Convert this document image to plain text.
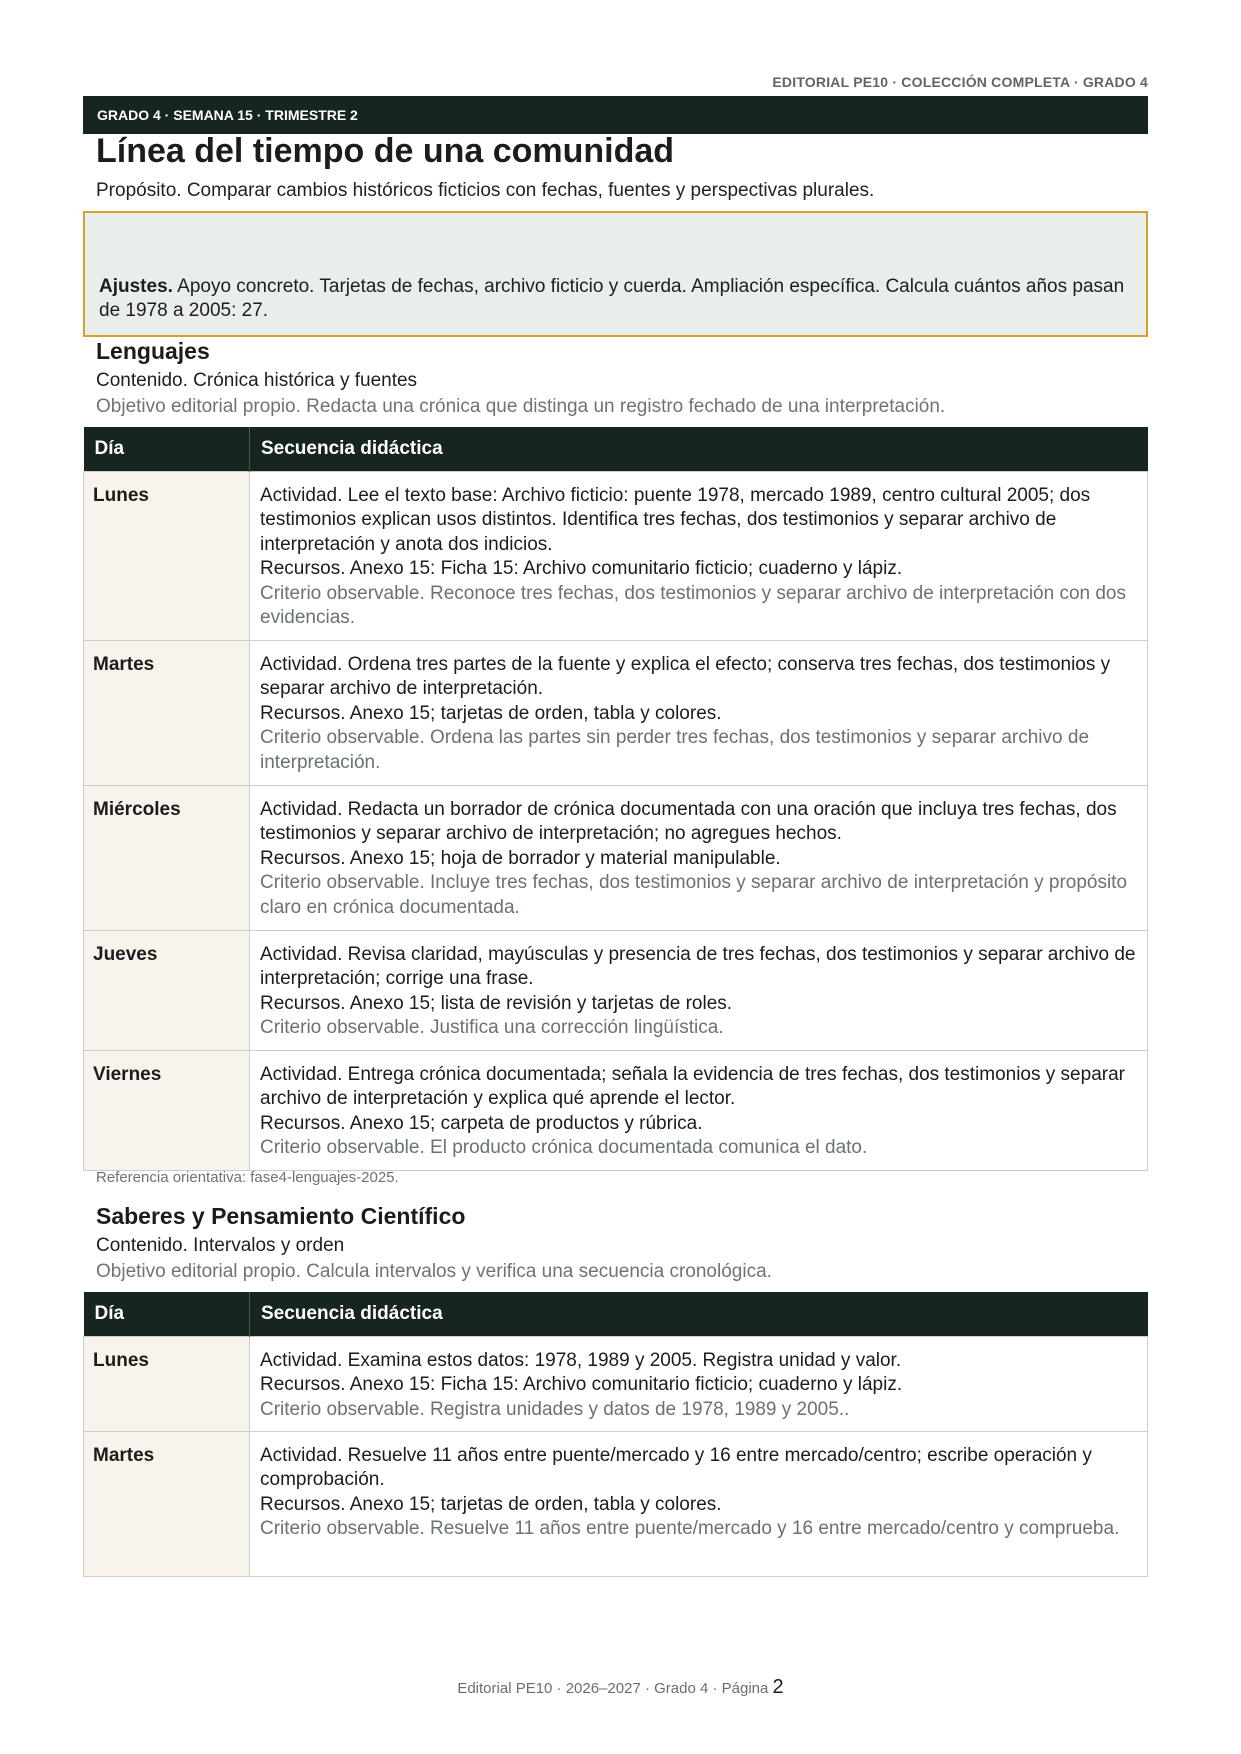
EDITORIAL PE10 · COLECCIÓN COMPLETA · GRADO 4
GRADO 4 · SEMANA 15 · TRIMESTRE 2
Línea del tiempo de una comunidad
Propósito. Comparar cambios históricos ficticios con fechas, fuentes y perspectivas plurales.
Ajustes. Apoyo concreto. Tarjetas de fechas, archivo ficticio y cuerda. Ampliación específica. Calcula cuántos años pasan de 1978 a 2005: 27.
Lenguajes
Contenido. Crónica histórica y fuentes
Objetivo editorial propio. Redacta una crónica que distinga un registro fechado de una interpretación.
Día	Secuencia didáctica
Lunes	Actividad. Lee el texto base: Archivo ficticio: puente 1978, mercado 1989, centro cultural 2005; dos testimonios explican usos distintos. Identifica tres fechas, dos testimonios y separar archivo de interpretación y anota dos indicios.
Recursos. Anexo 15: Ficha 15: Archivo comunitario ficticio; cuaderno y lápiz.
Criterio observable. Reconoce tres fechas, dos testimonios y separar archivo de interpretación con dos evidencias.

Martes	Actividad. Ordena tres partes de la fuente y explica el efecto; conserva tres fechas, dos testimonios y separar archivo de interpretación.
Recursos. Anexo 15; tarjetas de orden, tabla y colores.
Criterio observable. Ordena las partes sin perder tres fechas, dos testimonios y separar archivo de interpretación.

Miércoles	Actividad. Redacta un borrador de crónica documentada con una oración que incluya tres fechas, dos testimonios y separar archivo de interpretación; no agregues hechos.
Recursos. Anexo 15; hoja de borrador y material manipulable.
Criterio observable. Incluye tres fechas, dos testimonios y separar archivo de interpretación y propósito claro en crónica documentada.

Jueves	Actividad. Revisa claridad, mayúsculas y presencia de tres fechas, dos testimonios y separar archivo de interpretación; corrige una frase.
Recursos. Anexo 15; lista de revisión y tarjetas de roles.
Criterio observable. Justifica una corrección lingüística.

Viernes	Actividad. Entrega crónica documentada; señala la evidencia de tres fechas, dos testimonios y separar archivo de interpretación y explica qué aprende el lector.
Recursos. Anexo 15; carpeta de productos y rúbrica.
Criterio observable. El producto crónica documentada comunica el dato.
Referencia orientativa: fase4-lenguajes-2025.
Saberes y Pensamiento Científico
Contenido. Intervalos y orden
Objetivo editorial propio. Calcula intervalos y verifica una secuencia cronológica.
Día	Secuencia didáctica
Lunes	Actividad. Examina estos datos: 1978, 1989 y 2005. Registra unidad y valor.
Recursos. Anexo 15: Ficha 15: Archivo comunitario ficticio; cuaderno y lápiz.
Criterio observable. Registra unidades y datos de 1978, 1989 y 2005..

Martes	Actividad. Resuelve 11 años entre puente/mercado y 16 entre mercado/centro; escribe operación y comprobación.
Recursos. Anexo 15; tarjetas de orden, tabla y colores.
Criterio observable. Resuelve 11 años entre puente/mercado y 16 entre mercado/centro y comprueba.
Editorial PE10 · 2026–2027 · Grado 4 · Página 2
